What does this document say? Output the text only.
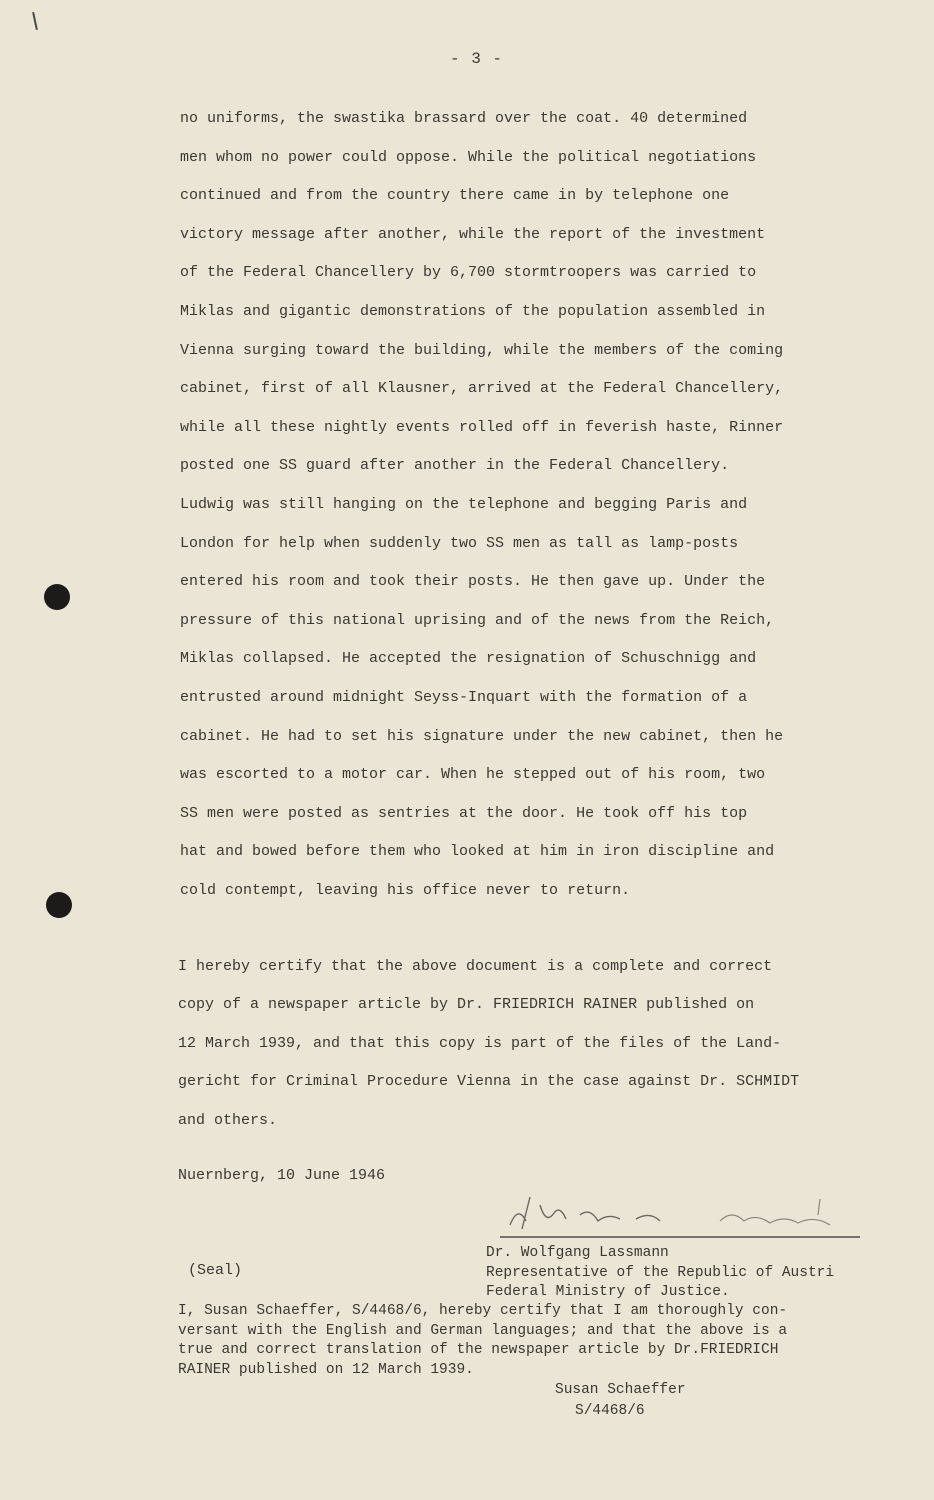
- 3 -
no uniforms, the swastika brassard over the coat. 40 determined
men whom no power could oppose. While the political negotiations
continued and from the country there came in by telephone one
victory message after another, while the report of the investment
of the Federal Chancellery by 6,700 stormtroopers was carried to
Miklas and gigantic demonstrations of the population assembled in
Vienna surging toward the building, while the members of the coming
cabinet, first of all Klausner, arrived at the Federal Chancellery,
while all these nightly events rolled off in feverish haste, Rinner
posted one SS guard after another in the Federal Chancellery.
Ludwig was still hanging on the telephone and begging Paris and
London for help when suddenly two SS men as tall as lamp-posts
entered his room and took their posts. He then gave up. Under the
pressure of this national uprising and of the news from the Reich,
Miklas collapsed. He accepted the resignation of Schuschnigg and
entrusted around midnight Seyss-Inquart with the formation of a
cabinet. He had to set his signature under the new cabinet, then he
was escorted to a motor car. When he stepped out of his room, two
SS men were posted as sentries at the door. He took off his top
hat and bowed before them who looked at him in iron discipline and
cold contempt, leaving his office never to return.
I hereby certify that the above document is a complete and correct
copy of a newspaper article by Dr. FRIEDRICH RAINER published on
12 March 1939, and that this copy is part of the files of the Land-
gericht for Criminal Procedure Vienna in the case against Dr. SCHMIDT
and others.
Nuernberg, 10 June 1946
Dr. Wolfgang Lassmann
Representative of the Republic of Austri
Federal Ministry of Justice.
(Seal)
I, Susan Schaeffer, S/4468/6, hereby certify that I am thoroughly con-
versant with the English and German languages; and that the above is a
true and correct translation of the newspaper article by Dr.FRIEDRICH
RAINER published on 12 March 1939.
Susan Schaeffer
S/4468/6
